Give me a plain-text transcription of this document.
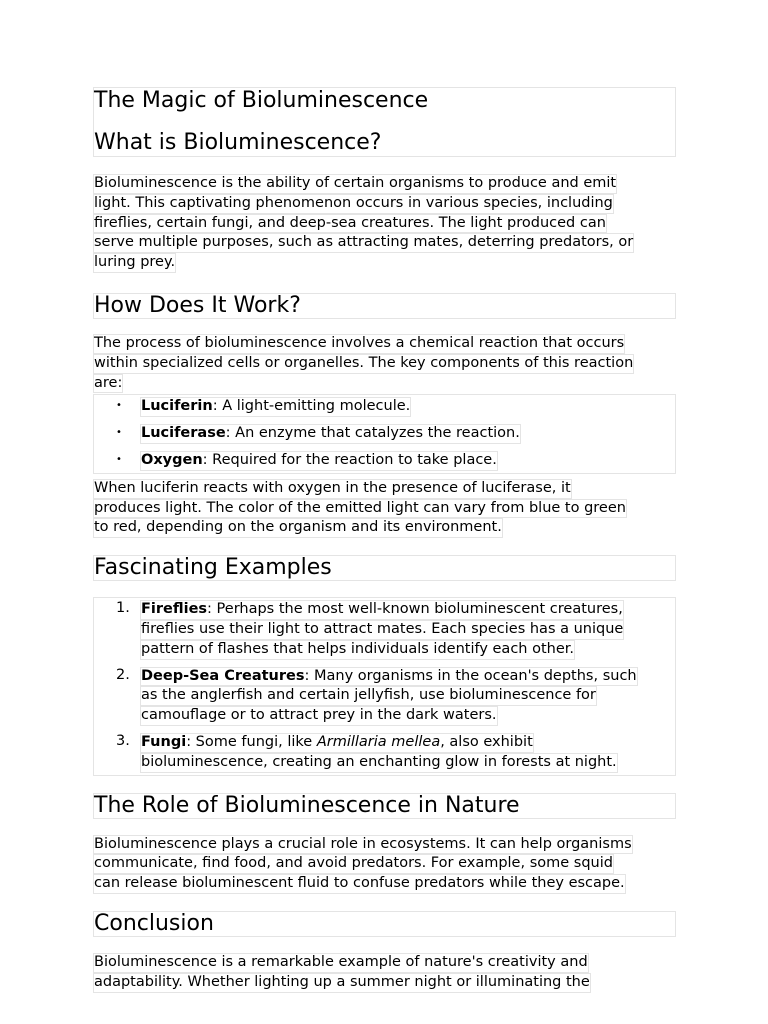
The Magic of Bioluminescence
What is Bioluminescence?
Bioluminescence is the ability of certain organisms to produce and emit
light. This captivating phenomenon occurs in various species, including
fireflies, certain fungi, and deep-sea creatures. The light produced can
serve multiple purposes, such as attracting mates, deterring predators, or
luring prey.
How Does It Work?
The process of bioluminescence involves a chemical reaction that occurs
within specialized cells or organelles. The key components of this reaction
are:
• Luciferin: A light-emitting molecule.
• Luciferase: An enzyme that catalyzes the reaction.
• Oxygen: Required for the reaction to take place.
When luciferin reacts with oxygen in the presence of luciferase, it
produces light. The color of the emitted light can vary from blue to green
to red, depending on the organism and its environment.
Fascinating Examples
1. Fireflies: Perhaps the most well-known bioluminescent creatures,
fireflies use their light to attract mates. Each species has a unique
pattern of flashes that helps individuals identify each other.
2. Deep-Sea Creatures: Many organisms in the ocean's depths, such
as the anglerfish and certain jellyfish, use bioluminescence for
camouflage or to attract prey in the dark waters.
3. Fungi: Some fungi, like Armillaria mellea, also exhibit
bioluminescence, creating an enchanting glow in forests at night.
The Role of Bioluminescence in Nature
Bioluminescence plays a crucial role in ecosystems. It can help organisms
communicate, find food, and avoid predators. For example, some squid
can release bioluminescent fluid to confuse predators while they escape.
Conclusion
Bioluminescence is a remarkable example of nature's creativity and
adaptability. Whether lighting up a summer night or illuminating the
